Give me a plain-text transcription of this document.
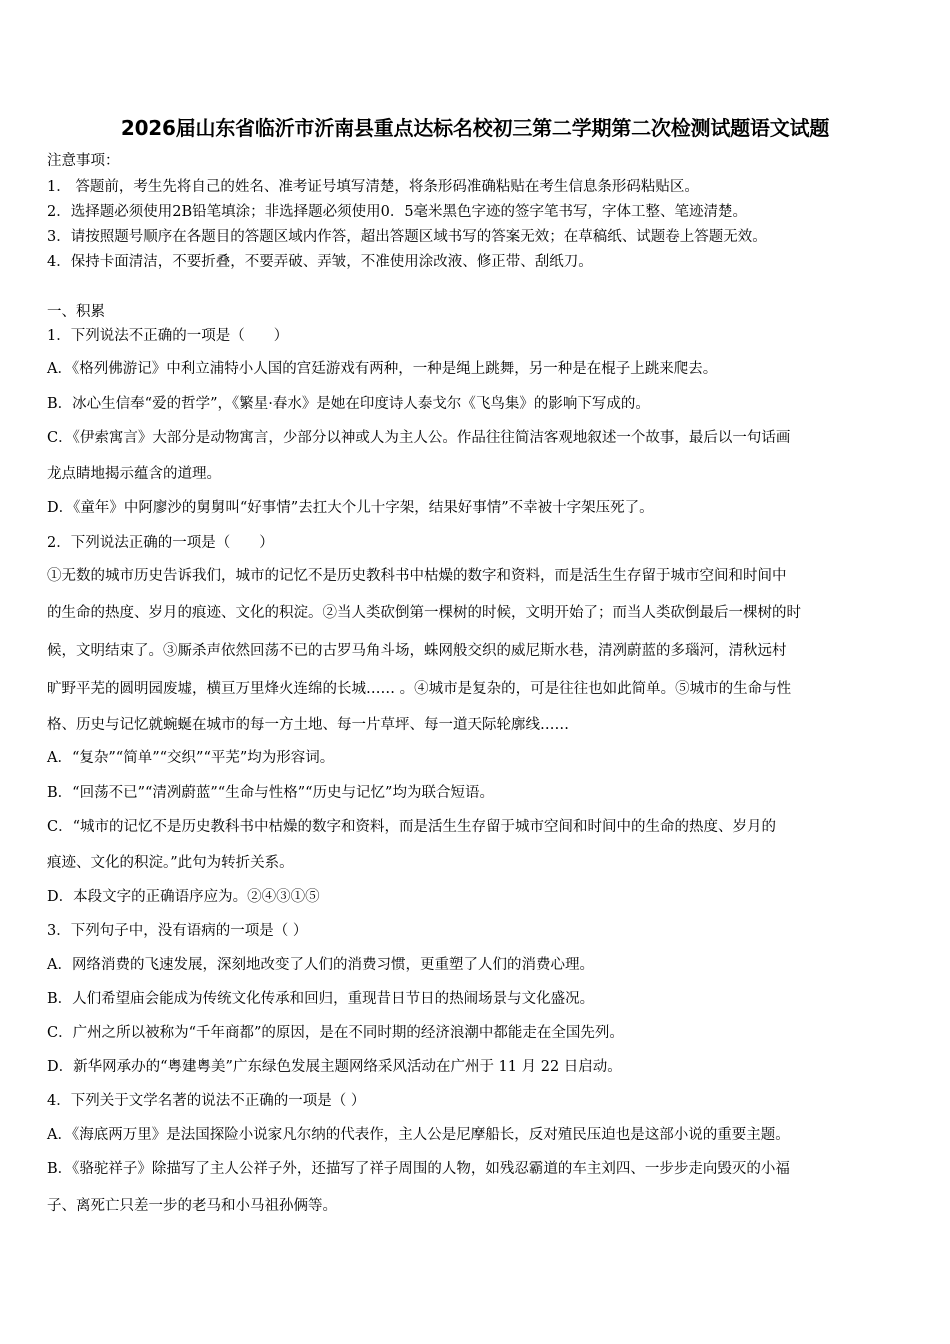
2026届山东省临沂市沂南县重点达标名校初三第二学期第二次检测试题语文试题
注意事项：
1． 答题前，考生先将自己的姓名、准考证号填写清楚，将条形码准确粘贴在考生信息条形码粘贴区。
2．选择题必须使用2B铅笔填涂；非选择题必须使用0．5毫米黑色字迹的签字笔书写，字体工整、笔迹清楚。
3．请按照题号顺序在各题目的答题区域内作答，超出答题区域书写的答案无效；在草稿纸、试题卷上答题无效。
4．保持卡面清洁，不要折叠，不要弄破、弄皱，不准使用涂改液、修正带、刮纸刀。
一、积累
1．下列说法不正确的一项是（　　）
A．《格列佛游记》中利立浦特小人国的宫廷游戏有两种，一种是绳上跳舞，另一种是在棍子上跳来爬去。
B．冰心生信奉“爱的哲学”，《繁星·春水》是她在印度诗人泰戈尔《飞鸟集》的影响下写成的。
C．《伊索寓言》大部分是动物寓言，少部分以神或人为主人公。作品往往简洁客观地叙述一个故事，最后以一句话画
龙点睛地揭示蕴含的道理。
D．《童年》中阿廖沙的舅舅叫“好事情”去扛大个儿十字架，结果好事情”不幸被十字架压死了。
2．下列说法正确的一项是（　　）
①无数的城市历史告诉我们，城市的记忆不是历史教科书中枯燥的数字和资料，而是活生生存留于城市空间和时间中
的生命的热度、岁月的痕迹、文化的积淀。②当人类砍倒第一棵树的时候，文明开始了；而当人类砍倒最后一棵树的时
候，文明结束了。③厮杀声依然回荡不已的古罗马角斗场，蛛网般交织的威尼斯水巷，清冽蔚蓝的多瑙河，清秋远村
旷野平芜的圆明园废墟，横亘万里烽火连绵的长城…… 。④城市是复杂的，可是往往也如此简单。⑤城市的生命与性
格、历史与记忆就蜿蜒在城市的每一方土地、每一片草坪、每一道天际轮廓线……
A．“复杂”“简单”“交织”“平芜”均为形容词。
B．“回荡不已”“清冽蔚蓝”“生命与性格”“历史与记忆”均为联合短语。
C．“城市的记忆不是历史教科书中枯燥的数字和资料，而是活生生存留于城市空间和时间中的生命的热度、岁月的
痕迹、文化的积淀。”此句为转折关系。
D．本段文字的正确语序应为。②④③①⑤
3．下列句子中，没有语病的一项是（ ）
A．网络消费的飞速发展，深刻地改变了人们的消费习惯，更重塑了人们的消费心理。
B．人们希望庙会能成为传统文化传承和回归，重现昔日节日的热闹场景与文化盛况。
C．广州之所以被称为“千年商都”的原因，是在不同时期的经济浪潮中都能走在全国先列。
D．新华网承办的“粤建粤美”广东绿色发展主题网络采风活动在广州于 11 月 22 日启动。
4．下列关于文学名著的说法不正确的一项是（ ）
A．《海底两万里》是法国探险小说家凡尔纳的代表作，主人公是尼摩船长，反对殖民压迫也是这部小说的重要主题。
B．《骆驼祥子》除描写了主人公祥子外，还描写了祥子周围的人物，如残忍霸道的车主刘四、一步步走向毁灭的小福
子、离死亡只差一步的老马和小马祖孙俩等。
